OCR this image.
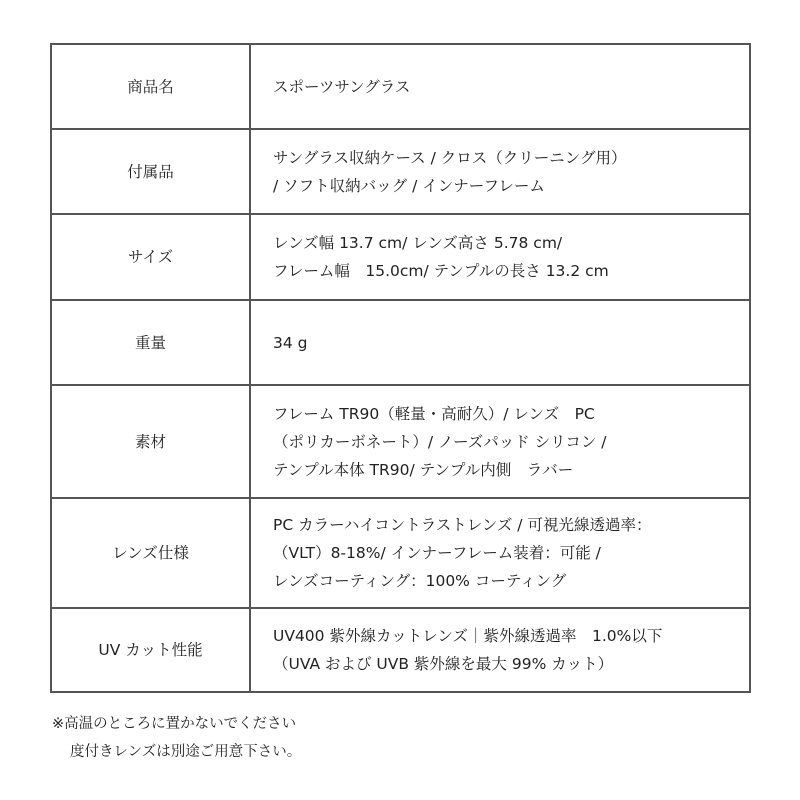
商品名	スポーツサングラス

付属品	サングラス収納ケース / クロス（クリーニング用）
/ ソフト収納バッグ / インナーフレーム

サイズ	レンズ幅 13.7 cm/ レンズ高さ 5.78 cm/
フレーム幅　15.0cm/ テンプルの長さ 13.2 cm

重量	34 g

素材	フレーム TR90（軽量・高耐久）/ レンズ　PC
（ポリカーボネート）/ ノーズパッド シリコン /
テンプル本体 TR90/ テンプル内側　ラバー

レンズ仕様	PC カラーハイコントラストレンズ / 可視光線透過率：
（VLT）8-18%/ インナーフレーム装着：可能 /
レンズコーティング：100% コーティング

UV カット性能	UV400 紫外線カットレンズ｜紫外線透過率　1.0%以下
（UVA および UVB 紫外線を最大 99% カット）
※高温のところに置かないでください
度付きレンズは別途ご用意下さい。
